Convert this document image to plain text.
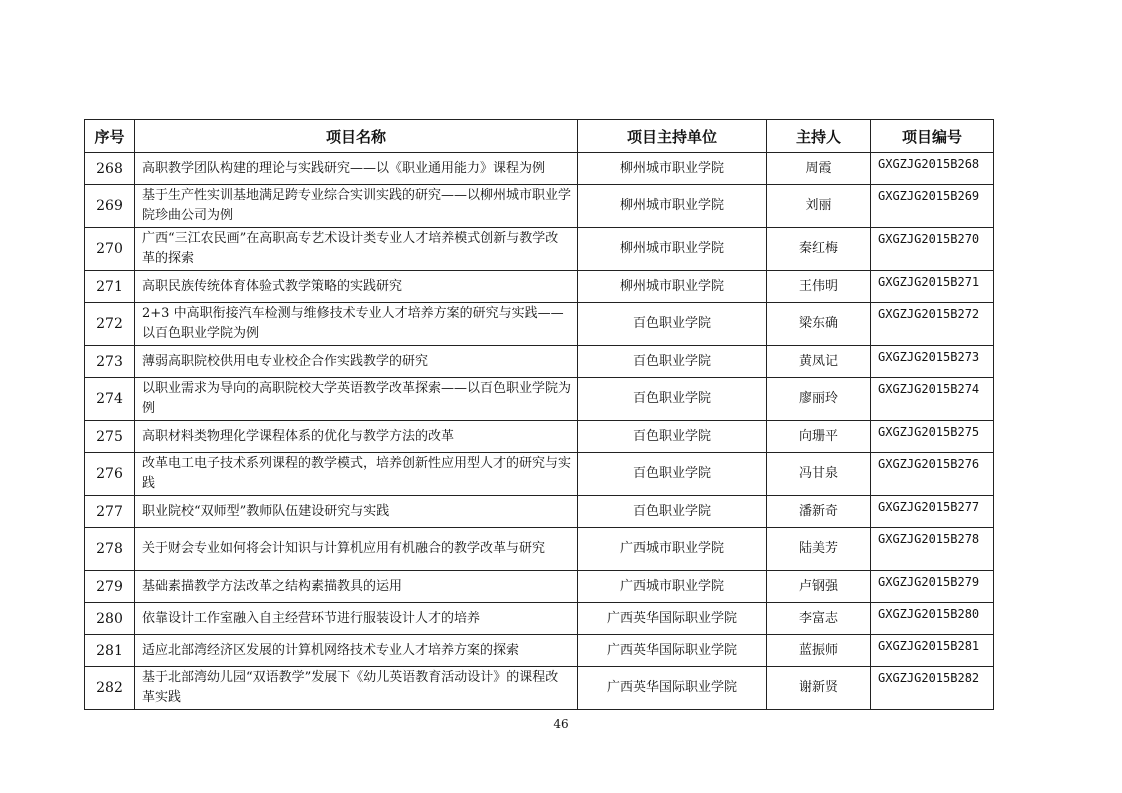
序号	项目名称	项目主持单位	主持人	项目编号
268	高职教学团队构建的理论与实践研究——以《职业通用能力》课程为例	柳州城市职业学院	周霞	GXGZJG2015B268
269	基于生产性实训基地满足跨专业综合实训实践的研究——以柳州城市职业学院珍曲公司为例	柳州城市职业学院	刘丽	GXGZJG2015B269
270	广西“三江农民画”在高职高专艺术设计类专业人才培养模式创新与教学改革的探索	柳州城市职业学院	秦红梅	GXGZJG2015B270
271	高职民族传统体育体验式教学策略的实践研究	柳州城市职业学院	王伟明	GXGZJG2015B271
272	2+3 中高职衔接汽车检测与维修技术专业人才培养方案的研究与实践——以百色职业学院为例	百色职业学院	梁东确	GXGZJG2015B272
273	薄弱高职院校供用电专业校企合作实践教学的研究	百色职业学院	黄凤记	GXGZJG2015B273
274	以职业需求为导向的高职院校大学英语教学改革探索——以百色职业学院为例	百色职业学院	廖丽玲	GXGZJG2015B274
275	高职材料类物理化学课程体系的优化与教学方法的改革	百色职业学院	向珊平	GXGZJG2015B275
276	改革电工电子技术系列课程的教学模式，培养创新性应用型人才的研究与实践	百色职业学院	冯甘泉	GXGZJG2015B276
277	职业院校“双师型”教师队伍建设研究与实践	百色职业学院	潘新奇	GXGZJG2015B277
278	关于财会专业如何将会计知识与计算机应用有机融合的教学改革与研究	广西城市职业学院	陆美芳	GXGZJG2015B278
279	基础素描教学方法改革之结构素描教具的运用	广西城市职业学院	卢钢强	GXGZJG2015B279
280	依靠设计工作室融入自主经营环节进行服装设计人才的培养	广西英华国际职业学院	李富志	GXGZJG2015B280
281	适应北部湾经济区发展的计算机网络技术专业人才培养方案的探索	广西英华国际职业学院	蓝振师	GXGZJG2015B281
282	基于北部湾幼儿园“双语教学”发展下《幼儿英语教育活动设计》的课程改革实践	广西英华国际职业学院	谢新贤	GXGZJG2015B282
46
